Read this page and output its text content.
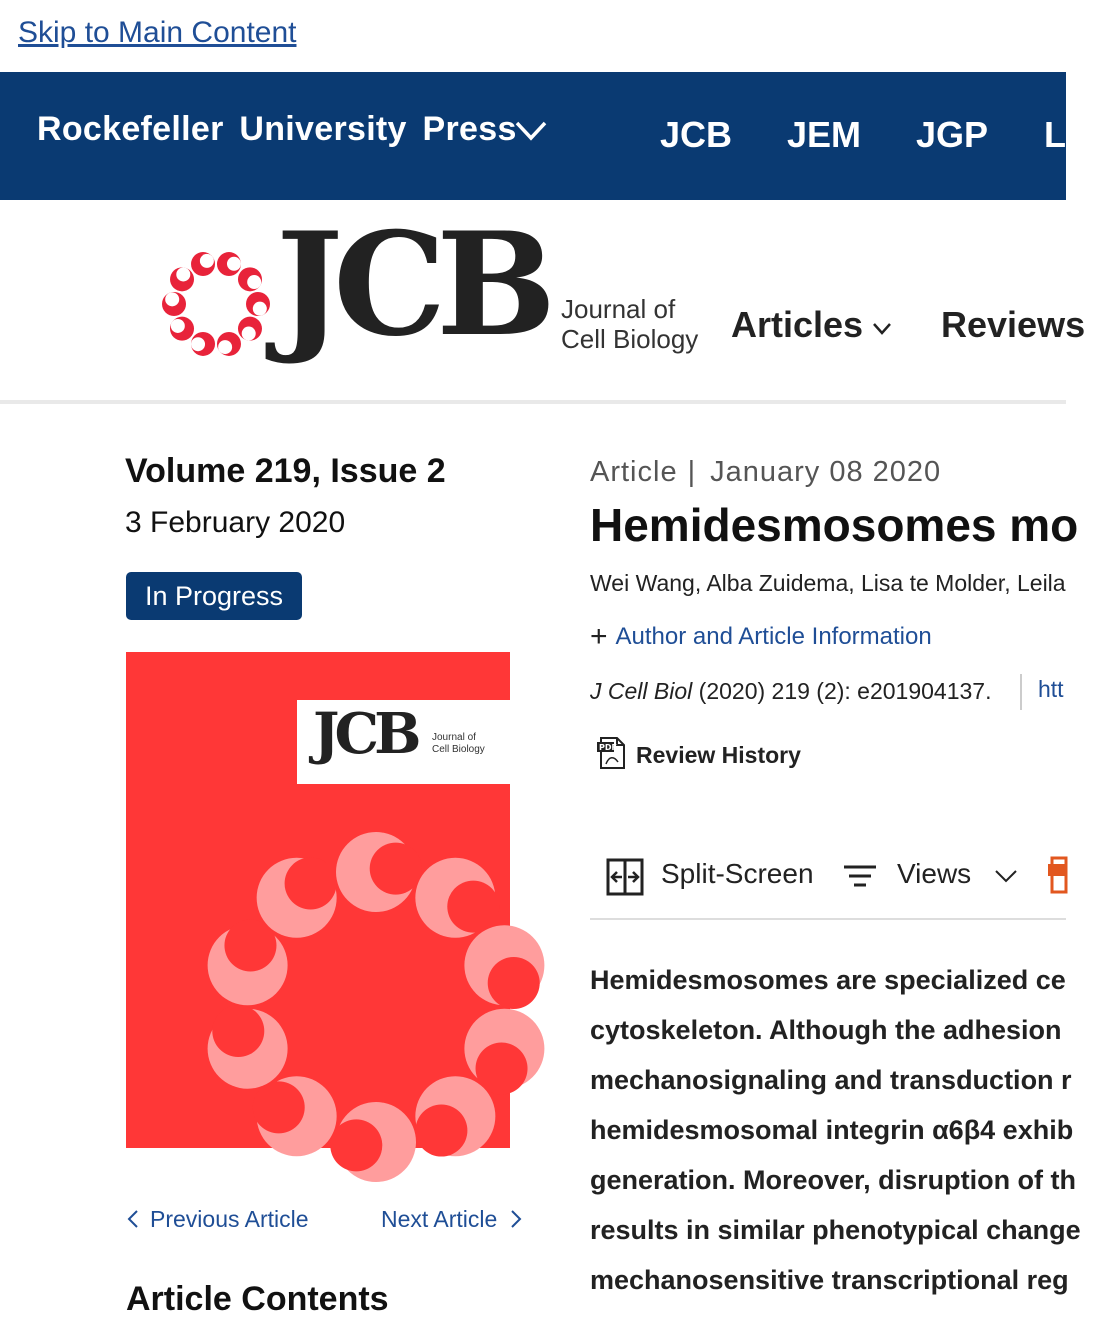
Skip to Main Content
Rockefeller University Press	JCB JEM JGP LSA
JCB Journal of
Cell Biology Articles Reviews
Volume 219, Issue 2
3 February 2020
In Progress
JCB Journal of
Cell Biology
Previous Article	Next Article
Article Contents
Article | January 08 2020
Hemidesmosomes mo
Wei Wang, Alba Zuidema, Lisa te Molder, Leila
+ Author and Article Information
J Cell Biol (2020) 219 (2): e201904137. htt
PDF Review History
Split-Screen	Views

Hemidesmosomes are specialized ce

cytoskeleton. Although the adhesion

mechanosignaling and transduction r

hemidesmosomal integrin α6β4 exhib

generation. Moreover, disruption of th

results in similar phenotypical change

mechanosensitive transcriptional reg
